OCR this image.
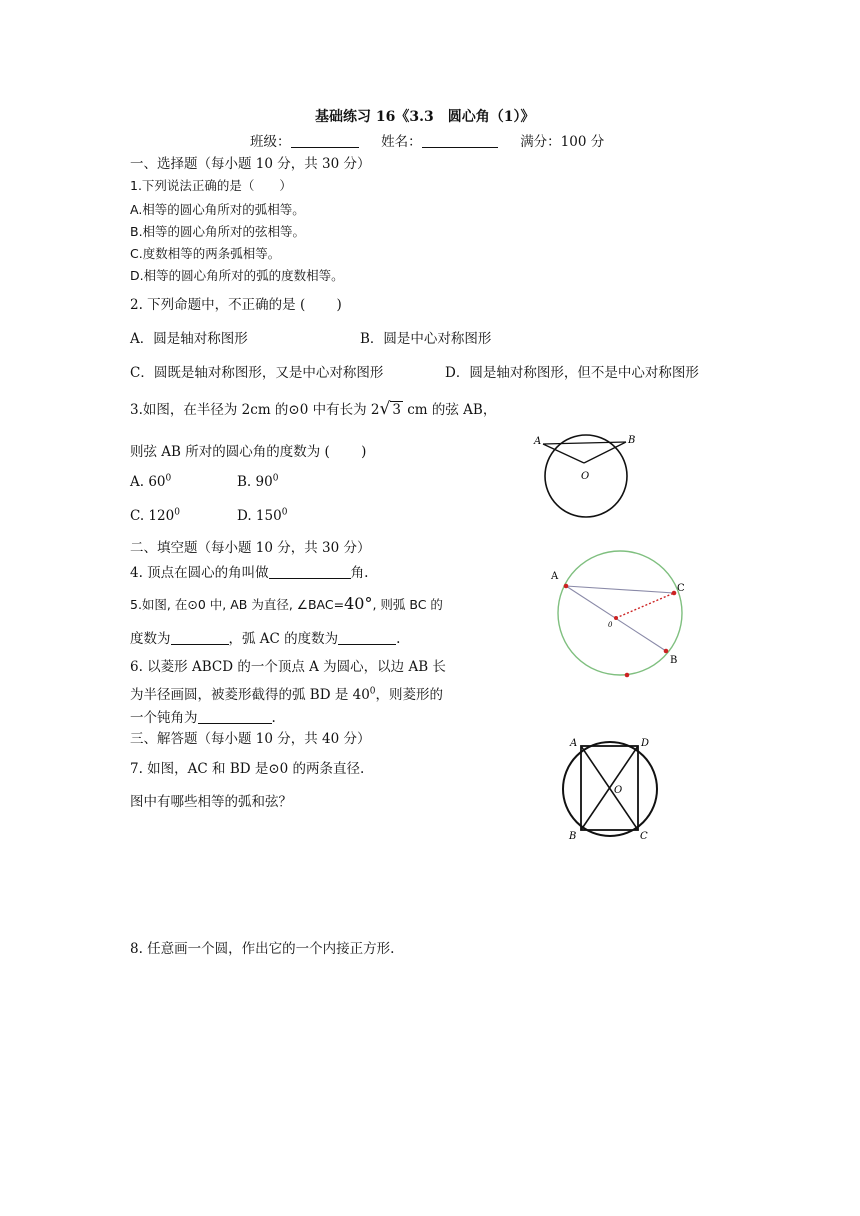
基础练习 16《3.3　圆心角（1）》
班级：	姓名：	满分：100 分
一、选择题（每小题 10 分，共 30 分）
1.下列说法正确的是（　　）
A.相等的圆心角所对的弧相等。
B.相等的圆心角所对的弦相等。
C.度数相等的两条弧相等。
D.相等的圆心角所对的弧的度数相等。
2. 下列命题中，不正确的是 (　　 )
A．圆是轴对称图形	B．圆是中心对称图形
C．圆既是轴对称图形，又是中心对称图形	D．圆是轴对称图形，但不是中心对称图形
3.如图，在半径为 2cm 的⊙0 中有长为 2√ 3 cm 的弦 AB，
则弦 AB 所对的圆心角的度数为 (　　 )
A. $60^0$	B. $90^0$
C. $120^0$	D. $150^0$
A	B
O
二、填空题（每小题 10 分，共 30 分）
4. 顶点在圆心的角叫做	角.
5.如图, 在⊙0 中, AB 为直径, ∠BAC=40°, 则弧 BC 的
度数为	，弧 AC 的度数为	.
6. 以菱形 ABCD 的一个顶点 A 为圆心，以边 AB 长
为半径画圆，被菱形截得的弧 BD 是 $40^0$，则菱形的
一个钝角为	.
A
C
B
0
三、解答题（每小题 10 分，共 40 分）
7. 如图，AC 和 BD 是⊙0 的两条直径.
图中有哪些相等的弧和弦？
A	D
B	C
O
8. 任意画一个圆，作出它的一个内接正方形.
